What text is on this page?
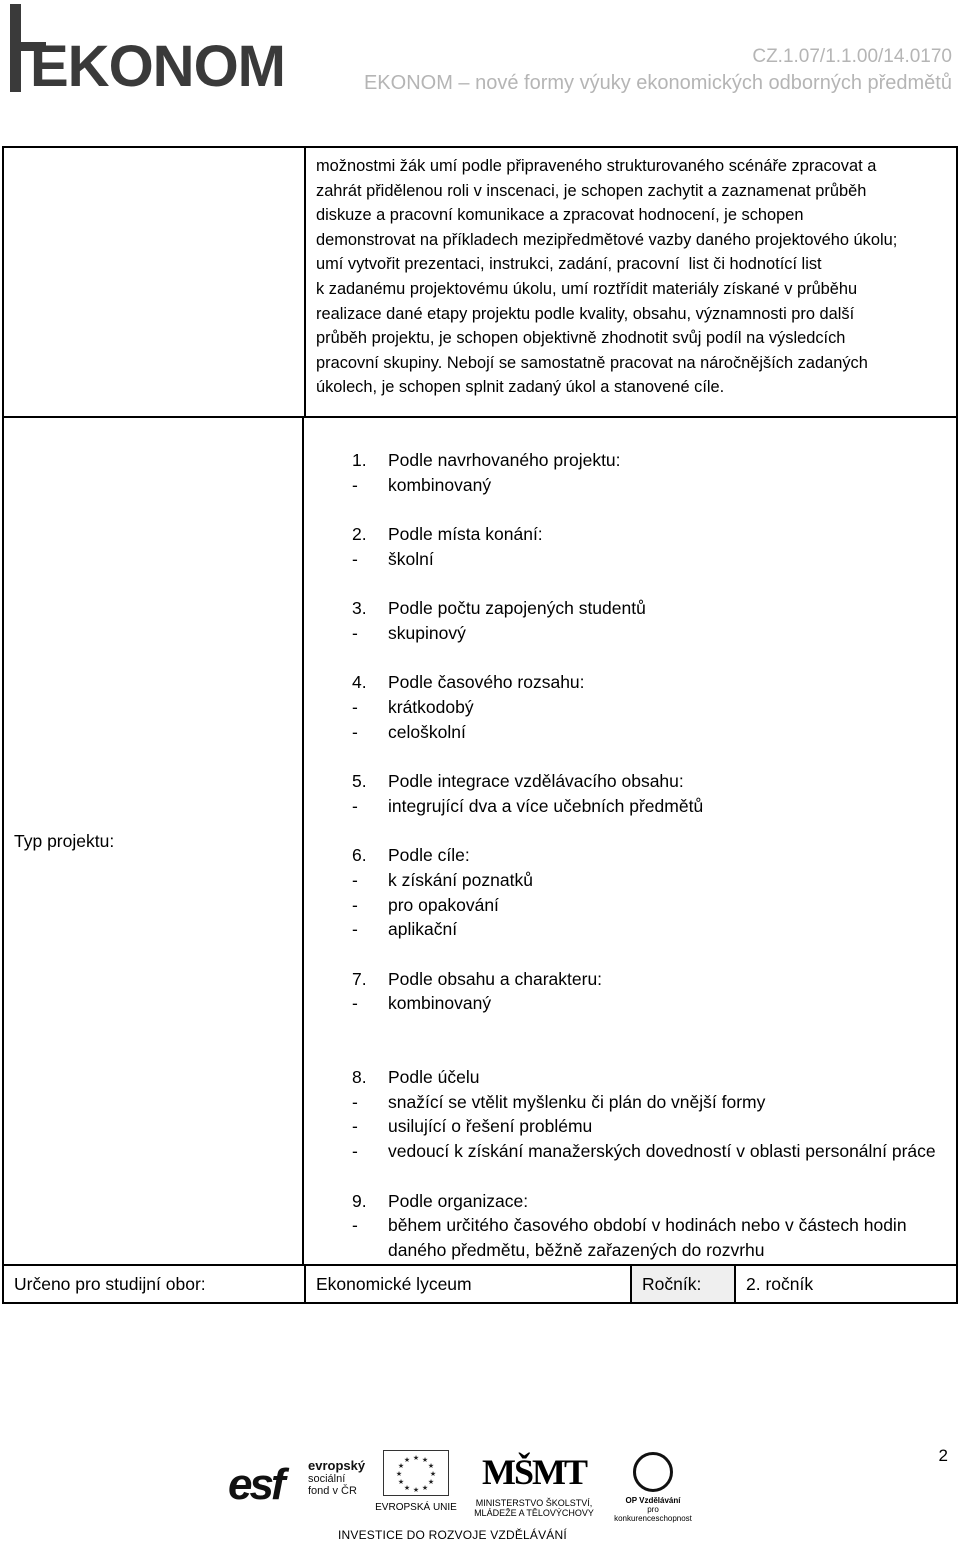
EKONOM	CZ.1.07/1.1.00/14.0170
EKONOM – nové formy výuky ekonomických odborných předmětů
možnostmi žák umí podle připraveného strukturovaného scénáře zpracovat a
zahrát přidělenou roli v inscenaci, je schopen zachytit a zaznamenat průběh
diskuze a pracovní komunikace a zpracovat hodnocení, je schopen
demonstrovat na příkladech mezipředmětové vazby daného projektového úkolu;
umí vytvořit prezentaci, instrukci, zadání, pracovní  list či hodnotící list
k zadanému projektovému úkolu, umí roztřídit materiály získané v průběhu
realizace dané etapy projektu podle kvality, obsahu, významnosti pro další
průběh projektu, je schopen objektivně zhodnotit svůj podíl na výsledcích
pracovní skupiny. Nebojí se samostatně pracovat na náročnějších zadaných
úkolech, je schopen splnit zadaný úkol a stanovené cíle.
Typ projektu:
1.	Podle navrhovaného projektu:
-	kombinovaný
2.	Podle místa konání:
-	školní
3.	Podle počtu zapojených studentů
-	skupinový
4.	Podle časového rozsahu:
-	krátkodobý
-	celoškolní
5.	Podle integrace vzdělávacího obsahu:
-	integrující dva a více učebních předmětů
6.	Podle cíle:
-	k získání poznatků
-	pro opakování
-	aplikační
7.	Podle obsahu a charakteru:
-	kombinovaný
8.	Podle účelu
-	snažící se vtělit myšlenku či plán do vnější formy
-	usilující o řešení problému
-	vedoucí k získání manažerských dovedností v oblasti personální práce
9.	Podle organizace:
-	během určitého časového období v hodinách nebo v částech hodin daného předmětu, běžně zařazených do rozvrhu
Určeno pro studijní obor:	Ekonomické lyceum	Ročník:	2. ročník
2
esf evropský
sociální
fond v ČR
★ ★
★
★
★
★
★
★
★
★
★
★
EVROPSKÁ UNIE
MŠMT
MINISTERSTVO ŠKOLSTVÍ,
MLÁDEŽE A TĚLOVÝCHOVY
OP Vzdělávání
pro konkurenceschopnost
INVESTICE DO ROZVOJE VZDĚLÁVÁNÍ
